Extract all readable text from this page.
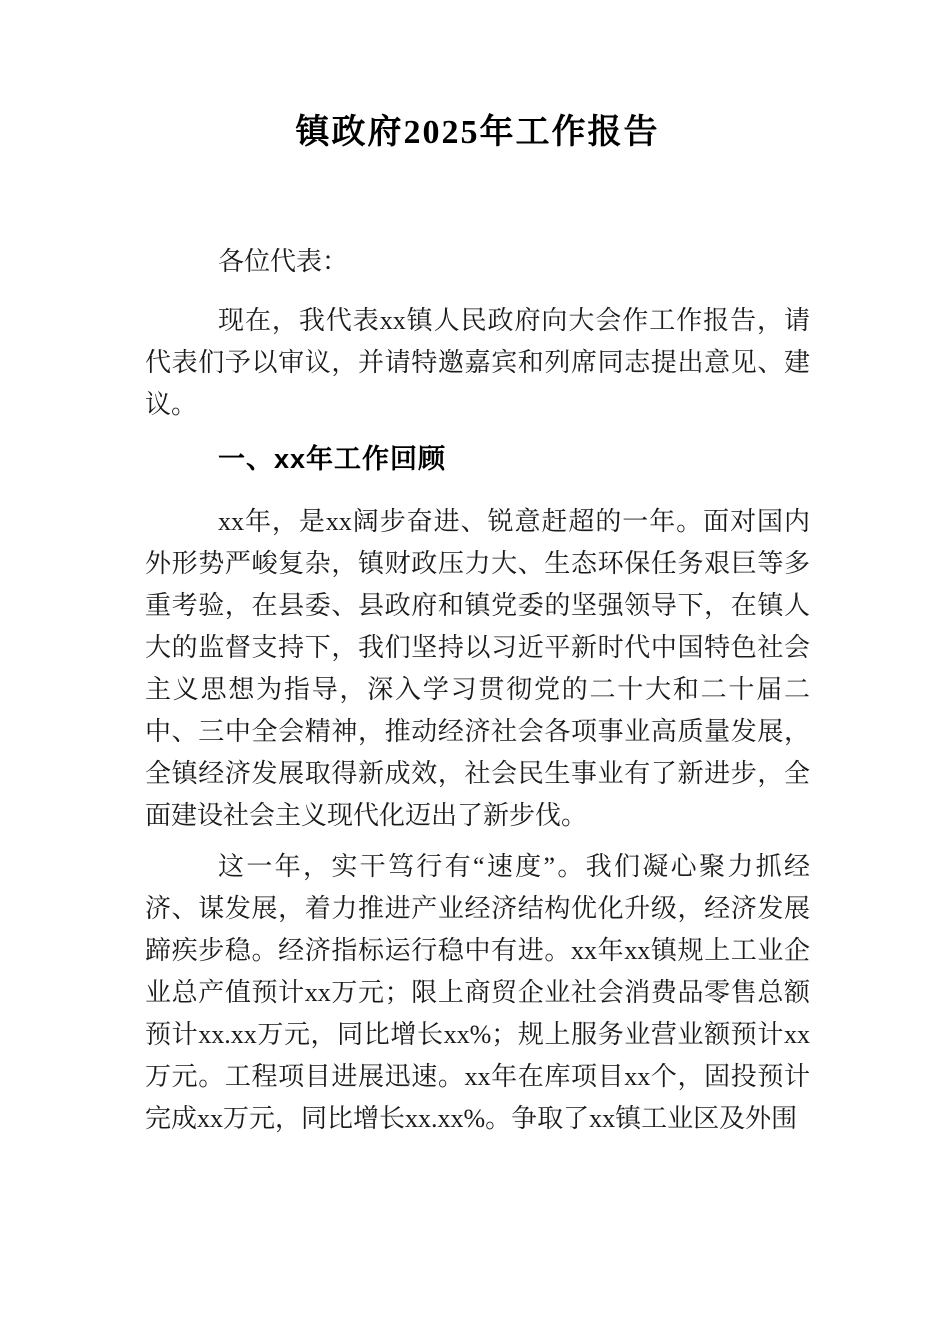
镇政府2025年工作报告

各位代表：

现在，我代表xx镇人民政府向大会作工作报告，请代表们予以审议，并请特邀嘉宾和列席同志提出意见、建议。

一、xx年工作回顾

xx年，是xx阔步奋进、锐意赶超的一年。面对国内外形势严峻复杂，镇财政压力大、生态环保任务艰巨等多重考验，在县委、县政府和镇党委的坚强领导下，在镇人大的监督支持下，我们坚持以习近平新时代中国特色社会主义思想为指导，深入学习贯彻党的二十大和二十届二中、三中全会精神，推动经济社会各项事业高质量发展，全镇经济发展取得新成效，社会民生事业有了新进步，全面建设社会主义现代化迈出了新步伐。

这一年，实干笃行有“速度”。我们凝心聚力抓经济、谋发展，着力推进产业经济结构优化升级，经济发展蹄疾步稳。经济指标运行稳中有进。xx年xx镇规上工业企业总产值预计xx万元；限上商贸企业社会消费品零售总额预计xx.xx万元，同比增长xx%；规上服务业营业额预计xx万元。工程项目进展迅速。xx年在库项目xx个，固投预计完成xx万元，同比增长xx.xx%。争取了xx镇工业区及外围
